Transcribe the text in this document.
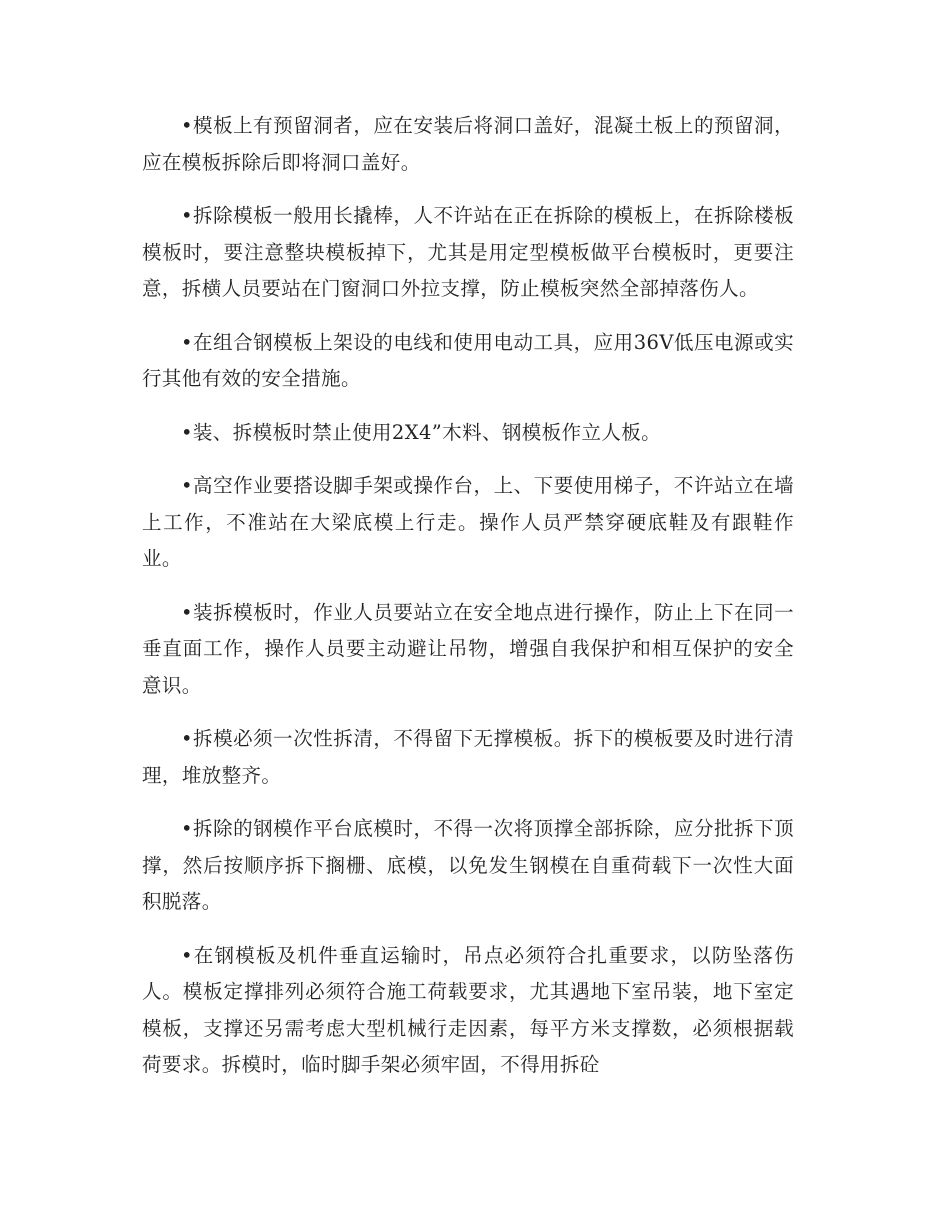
•模板上有预留洞者，应在安装后将洞口盖好，混凝土板上的预留洞，应在模板拆除后即将洞口盖好。

•拆除模板一般用长撬棒，人不许站在正在拆除的模板上，在拆除楼板模板时，要注意整块模板掉下，尤其是用定型模板做平台模板时，更要注意，拆横人员要站在门窗洞口外拉支撑，防止模板突然全部掉落伤人。

•在组合钢模板上架设的电线和使用电动工具，应用36V低压电源或实行其他有效的安全措施。

•装、拆模板时禁止使用2X4”木料、钢模板作立人板。

•高空作业要搭设脚手架或操作台，上、下要使用梯子，不许站立在墙上工作，不准站在大梁底模上行走。操作人员严禁穿硬底鞋及有跟鞋作业。

•装拆模板时，作业人员要站立在安全地点进行操作，防止上下在同一垂直面工作，操作人员要主动避让吊物，增强自我保护和相互保护的安全意识。

•拆模必须一次性拆清，不得留下无撑模板。拆下的模板要及时进行清理，堆放整齐。

•拆除的钢模作平台底模时，不得一次将顶撑全部拆除，应分批拆下顶撑，然后按顺序拆下搁栅、底模，以免发生钢模在自重荷载下一次性大面积脱落。

•在钢模板及机件垂直运输时，吊点必须符合扎重要求，以防坠落伤人。模板定撑排列必须符合施工荷载要求，尤其遇地下室吊装，地下室定模板，支撑还另需考虑大型机械行走因素，每平方米支撑数，必须根据载荷要求。拆模时，临时脚手架必须牢固，不得用拆砼
